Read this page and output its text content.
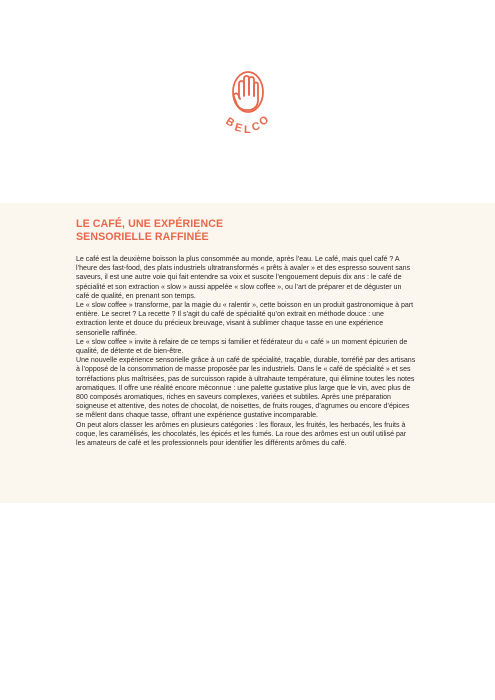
B
E L C
O
LE CAFÉ, UNE EXPÉRIENCE
SENSORIELLE RAFFINÉE

Le café est la deuxième boisson la plus consommée au monde, après l’eau. Le café, mais quel café ? A l’heure des fast-food, des plats industriels ultratransformés « prêts à avaler » et des espresso souvent sans saveurs, il est une autre voie qui fait entendre sa voix et suscite l’engouement depuis dix ans : le café de spécialité et son extraction « slow » aussi appelée « slow coffee », ou l’art de préparer et de déguster un café de qualité, en prenant son temps.

Le « slow coffee » transforme, par la magie du « ralentir », cette boisson en un produit gastronomique à part entière. Le secret ? La recette ? Il s’agit du café de spécialité qu’on extrait en méthode douce : une extraction lente et douce du précieux breuvage, visant à sublimer chaque tasse en une expérience sensorielle raffinée.

Le « slow coffee » invite à refaire de ce temps si familier et fédérateur du « café » un moment épicurien de qualité, de détente et de bien-être.

Une nouvelle expérience sensorielle grâce à un café de spécialité, traçable, durable, torréfié par des artisans à l’opposé de la consommation de masse proposée par les industriels. Dans le « café de spécialité » et ses torréfactions plus maîtrisées, pas de surcuisson rapide à ultrahaute température, qui élimine toutes les notes aromatiques. Il offre une réalité encore méconnue : une palette gustative plus large que le vin, avec plus de 800 composés aromatiques, riches en saveurs complexes, variées et subtiles. Après une préparation soigneuse et attentive, des notes de chocolat, de noisettes, de fruits rouges, d’agrumes ou encore d’épices se mêlent dans chaque tasse, offrant une expérience gustative incomparable.

On peut alors classer les arômes en plusieurs catégories : les floraux, les fruités, les herbacés, les fruits à coque, les caramélisés, les chocolatés, les épicés et les fumés. La roue des arômes est un outil utilisé par les amateurs de café et les professionnels pour identifier les différents arômes du café.
